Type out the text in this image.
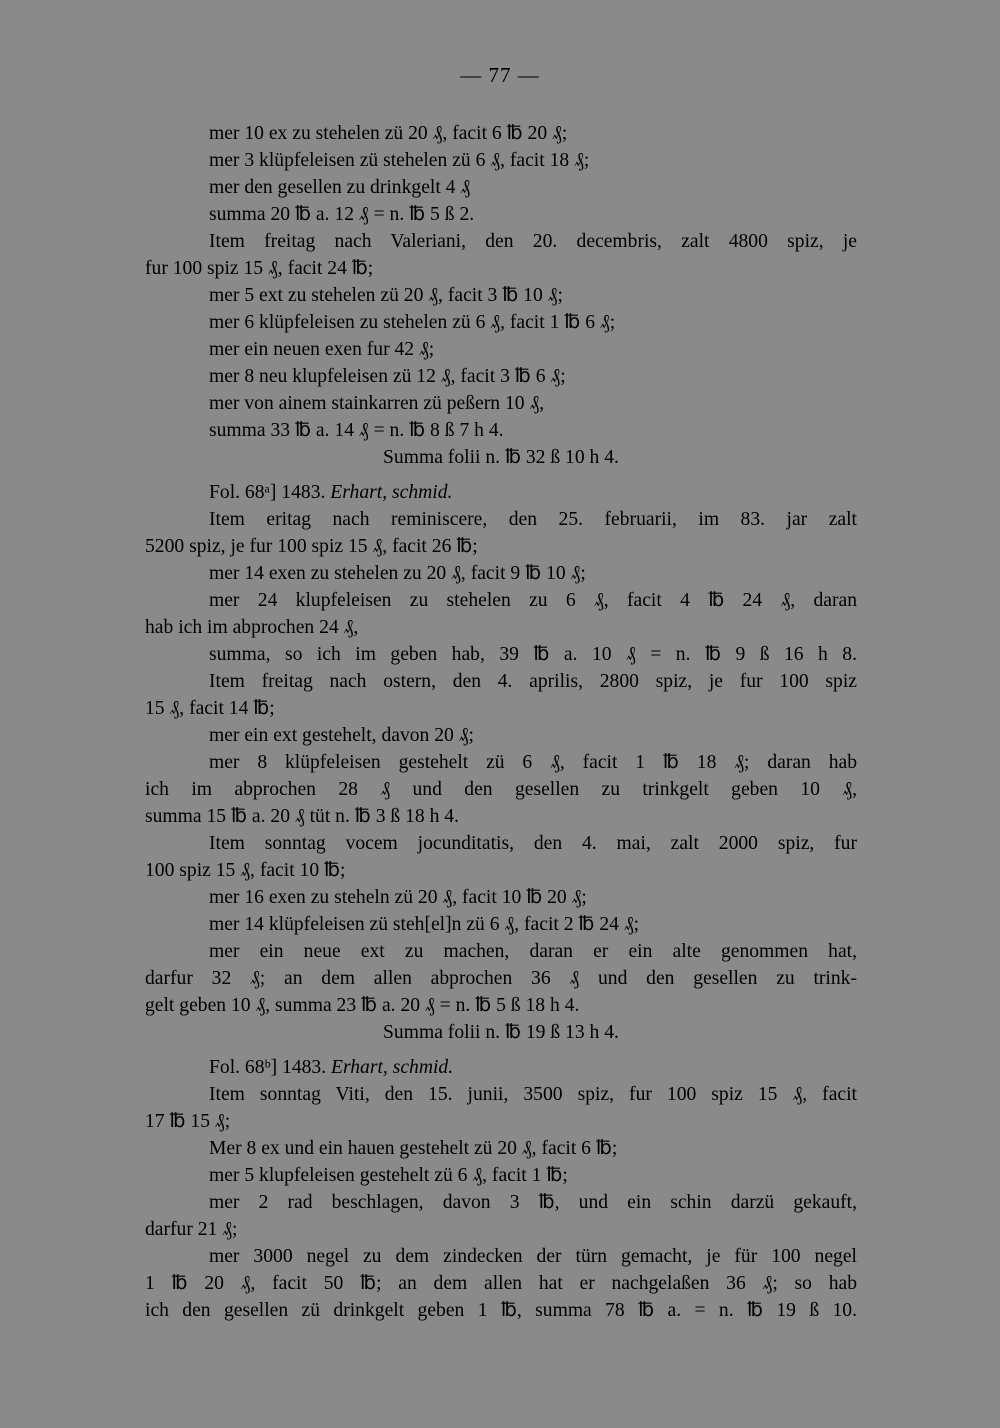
— 77 —
mer 10 ex zu stehelen zü 20 ₰, facit 6 ℔ 20 ₰;
mer 3 klüpfeleisen zü stehelen zü 6 ₰, facit 18 ₰;
mer den gesellen zu drinkgelt 4 ₰
summa 20 ℔ a. 12 ₰ = n. ℔ 5 ß 2.
Item freitag nach Valeriani, den 20. decembris, zalt 4800 spiz, je
fur 100 spiz 15 ₰, facit 24 ℔;
mer 5 ext zu stehelen zü 20 ₰, facit 3 ℔ 10 ₰;
mer 6 klüpfeleisen zu stehelen zü 6 ₰, facit 1 ℔ 6 ₰;
mer ein neuen exen fur 42 ₰;
mer 8 neu klupfeleisen zü 12 ₰, facit 3 ℔ 6 ₰;
mer von ainem stainkarren zü peßern 10 ₰,
summa 33 ℔ a. 14 ₰ = n. ℔ 8 ß 7 h 4.
Summa folii n. ℔ 32 ß 10 h 4.
Fol. 68ᵃ] 1483. Erhart, schmid.
Item eritag nach reminiscere, den 25. februarii, im 83. jar zalt
5200 spiz, je fur 100 spiz 15 ₰, facit 26 ℔;
mer 14 exen zu stehelen zu 20 ₰, facit 9 ℔ 10 ₰;
mer 24 klupfeleisen zu stehelen zu 6 ₰, facit 4 ℔ 24 ₰, daran
hab ich im abprochen 24 ₰,
summa, so ich im geben hab, 39 ℔ a. 10 ₰ = n. ℔ 9 ß 16 h 8.
Item freitag nach ostern, den 4. aprilis, 2800 spiz, je fur 100 spiz
15 ₰, facit 14 ℔;
mer ein ext gestehelt, davon 20 ₰;
mer 8 klüpfeleisen gestehelt zü 6 ₰, facit 1 ℔ 18 ₰; daran hab
ich im abprochen 28 ₰ und den gesellen zu trinkgelt geben 10 ₰,
summa 15 ℔ a. 20 ₰ tüt n. ℔ 3 ß 18 h 4.
Item sonntag vocem jocunditatis, den 4. mai, zalt 2000 spiz, fur
100 spiz 15 ₰, facit 10 ℔;
mer 16 exen zu steheln zü 20 ₰, facit 10 ℔ 20 ₰;
mer 14 klüpfeleisen zü steh[el]n zü 6 ₰, facit 2 ℔ 24 ₰;
mer ein neue ext zu machen, daran er ein alte genommen hat,
darfur 32 ₰; an dem allen abprochen 36 ₰ und den gesellen zu trink-
gelt geben 10 ₰, summa 23 ℔ a. 20 ₰ = n. ℔ 5 ß 18 h 4.
Summa folii n. ℔ 19 ß 13 h 4.
Fol. 68ᵇ] 1483. Erhart, schmid.
Item sonntag Viti, den 15. junii, 3500 spiz, fur 100 spiz 15 ₰, facit
17 ℔ 15 ₰;
Mer 8 ex und ein hauen gestehelt zü 20 ₰, facit 6 ℔;
mer 5 klupfeleisen gestehelt zü 6 ₰, facit 1 ℔;
mer 2 rad beschlagen, davon 3 ℔, und ein schin darzü gekauft,
darfur 21 ₰;
mer 3000 negel zu dem zindecken der türn gemacht, je für 100 negel
1 ℔ 20 ₰, facit 50 ℔; an dem allen hat er nachgelaßen 36 ₰; so hab
ich den gesellen zü drinkgelt geben 1 ℔, summa 78 ℔ a. = n. ℔ 19 ß 10.
